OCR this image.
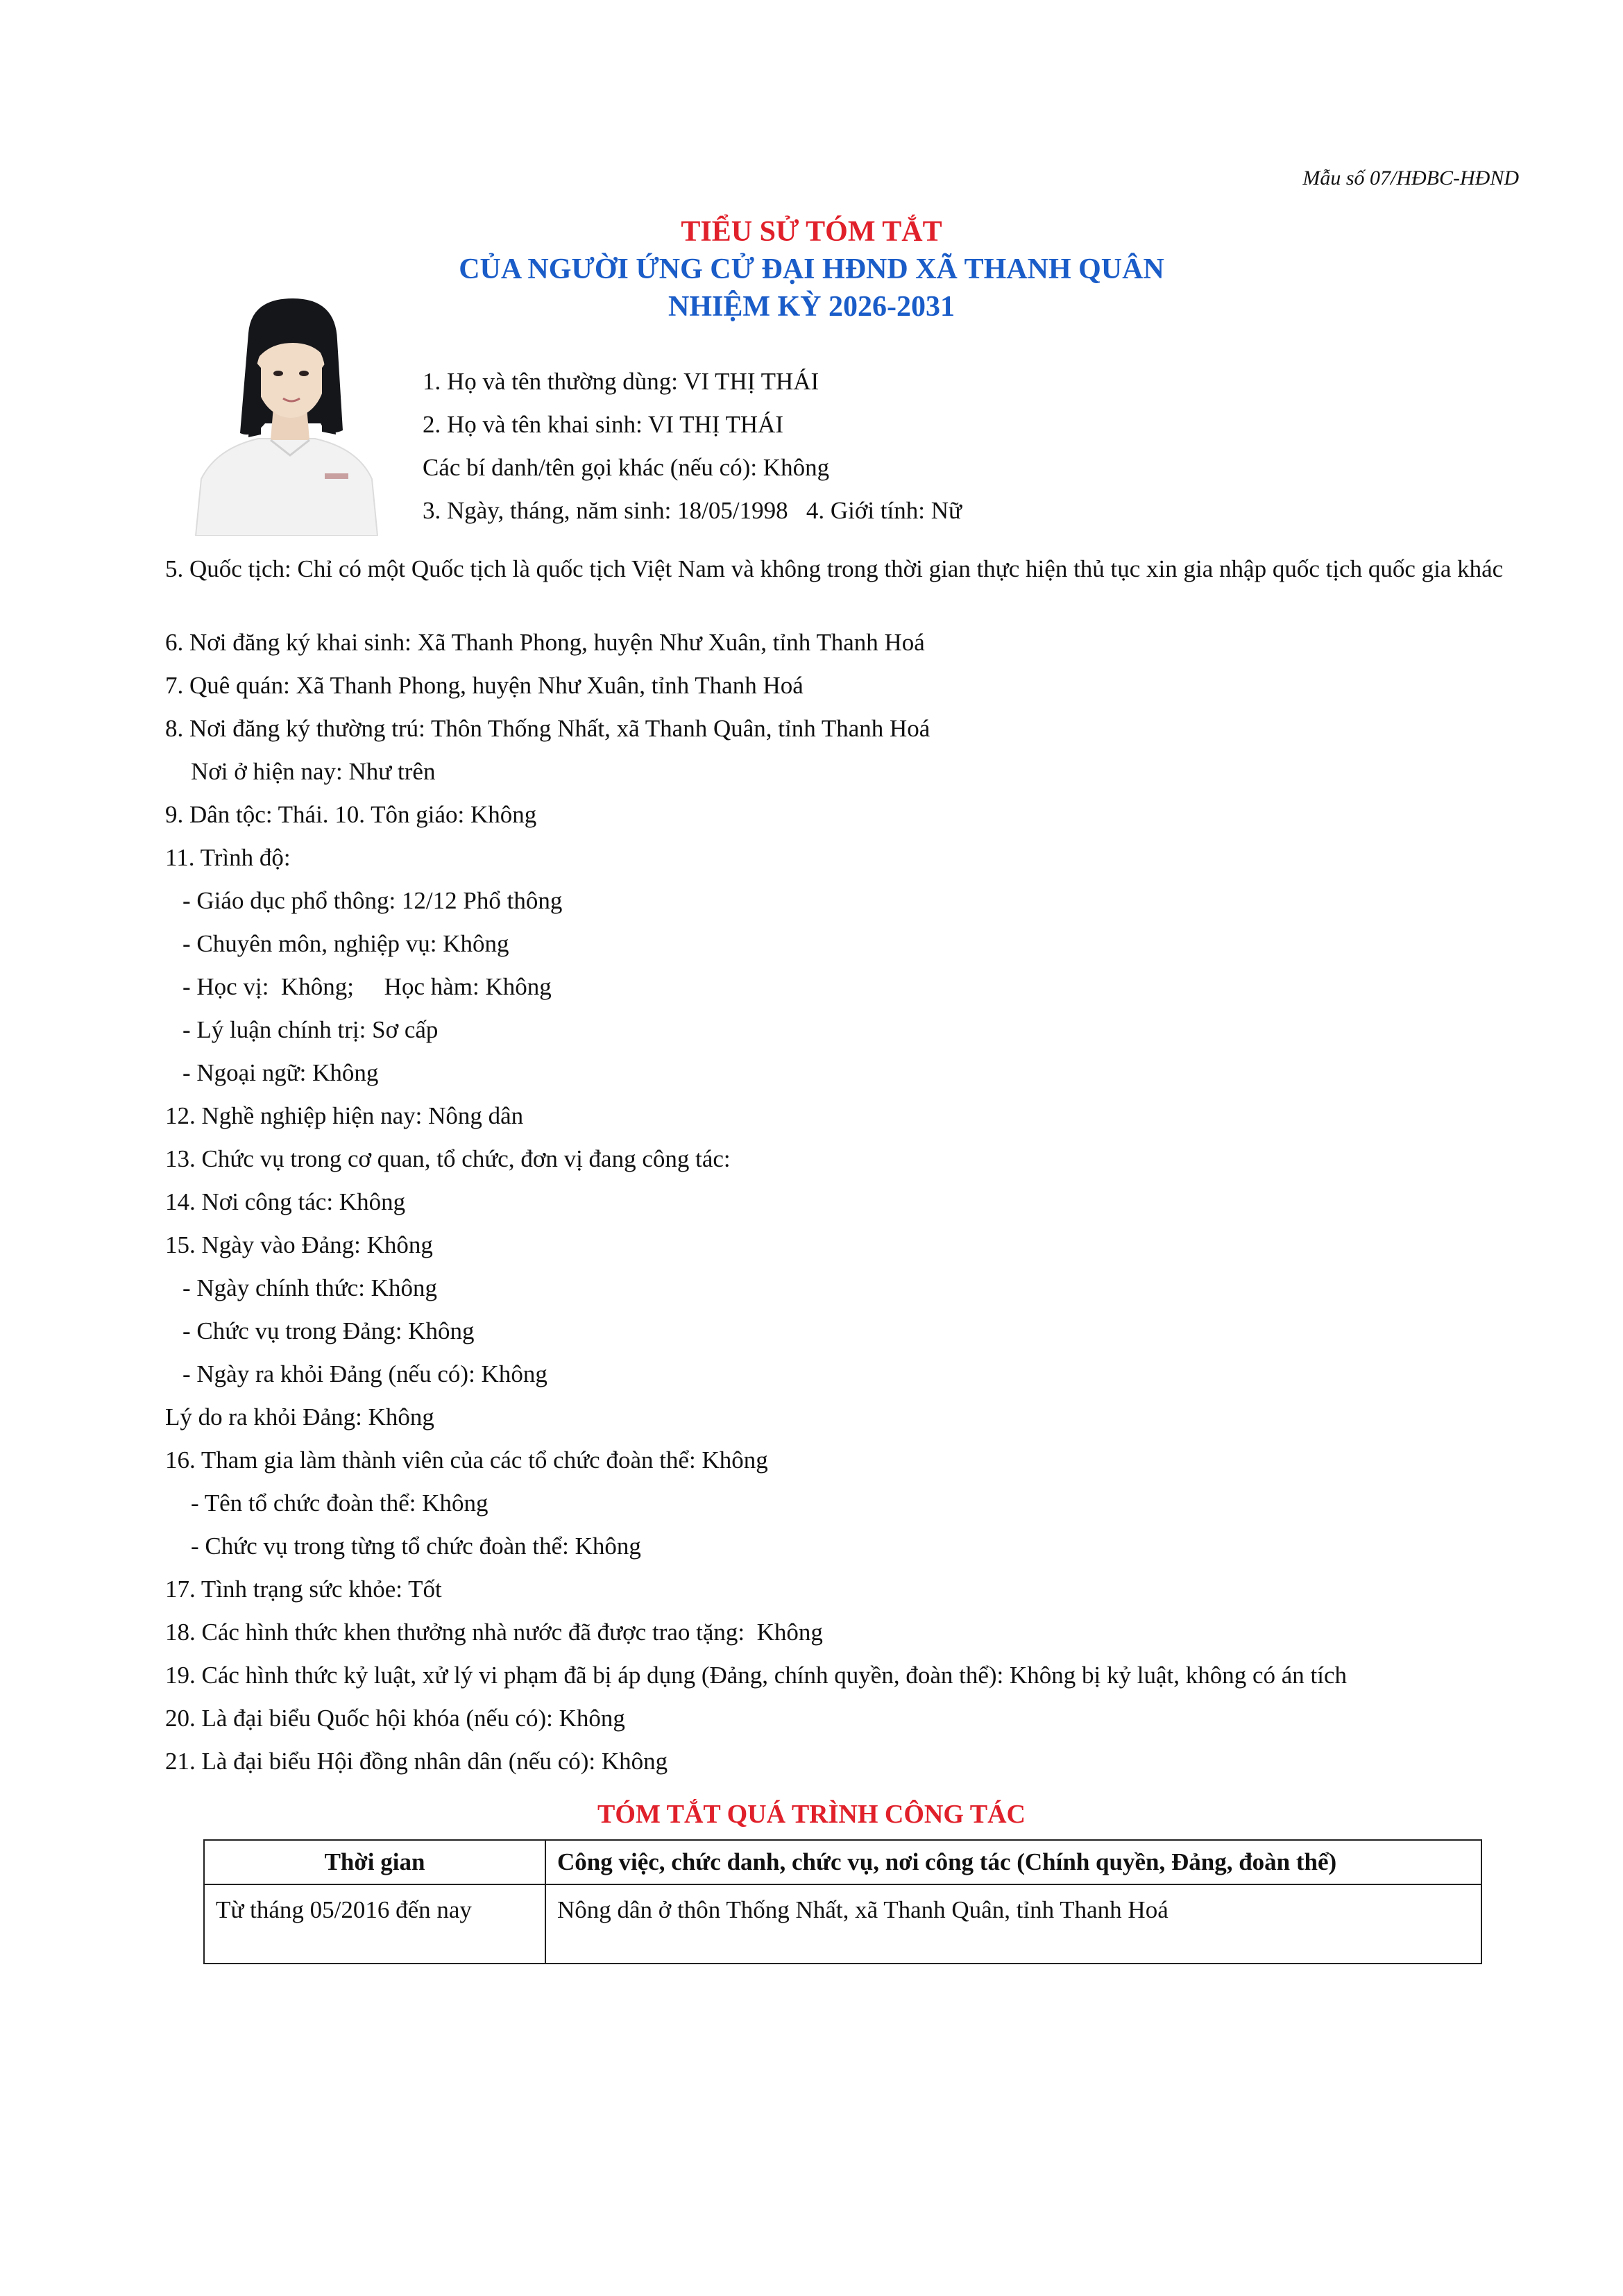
Mẫu số 07/HĐBC-HĐND
TIỂU SỬ TÓM TẮT
CỦA NGƯỜI ỨNG CỬ ĐẠI HĐND XÃ THANH QUÂN
NHIỆM KỲ 2026-2031
1. Họ và tên thường dùng: VI THỊ THÁI
2. Họ và tên khai sinh: VI THỊ THÁI
Các bí danh/tên gọi khác (nếu có): Không
3. Ngày, tháng, năm sinh: 18/05/1998   4. Giới tính: Nữ
5. Quốc tịch: Chỉ có một Quốc tịch là quốc tịch Việt Nam và không trong thời gian thực hiện thủ tục xin gia nhập quốc tịch quốc gia khác
6. Nơi đăng ký khai sinh: Xã Thanh Phong, huyện Như Xuân, tỉnh Thanh Hoá
7. Quê quán: Xã Thanh Phong, huyện Như Xuân, tỉnh Thanh Hoá
8. Nơi đăng ký thường trú: Thôn Thống Nhất, xã Thanh Quân, tỉnh Thanh Hoá
Nơi ở hiện nay: Như trên
9. Dân tộc: Thái. 10. Tôn giáo: Không
11. Trình độ:
- Giáo dục phổ thông: 12/12 Phổ thông
- Chuyên môn, nghiệp vụ: Không
- Học vị:  Không;     Học hàm: Không
- Lý luận chính trị: Sơ cấp
- Ngoại ngữ: Không
12. Nghề nghiệp hiện nay: Nông dân
13. Chức vụ trong cơ quan, tổ chức, đơn vị đang công tác:
14. Nơi công tác: Không
15. Ngày vào Đảng: Không
- Ngày chính thức: Không
- Chức vụ trong Đảng: Không
- Ngày ra khỏi Đảng (nếu có): Không
Lý do ra khỏi Đảng: Không
16. Tham gia làm thành viên của các tổ chức đoàn thể: Không
- Tên tổ chức đoàn thể: Không
- Chức vụ trong từng tổ chức đoàn thể: Không
17. Tình trạng sức khỏe: Tốt
18. Các hình thức khen thưởng nhà nước đã được trao tặng:  Không
19. Các hình thức kỷ luật, xử lý vi phạm đã bị áp dụng (Đảng, chính quyền, đoàn thể): Không bị kỷ luật, không có án tích
20. Là đại biểu Quốc hội khóa (nếu có): Không
21. Là đại biểu Hội đồng nhân dân (nếu có): Không
TÓM TẮT QUÁ TRÌNH CÔNG TÁC
Thời gian	Công việc, chức danh, chức vụ, nơi công tác (Chính quyền, Đảng, đoàn thể)
Từ tháng 05/2016 đến nay	Nông dân ở thôn Thống Nhất, xã Thanh Quân, tỉnh Thanh Hoá
